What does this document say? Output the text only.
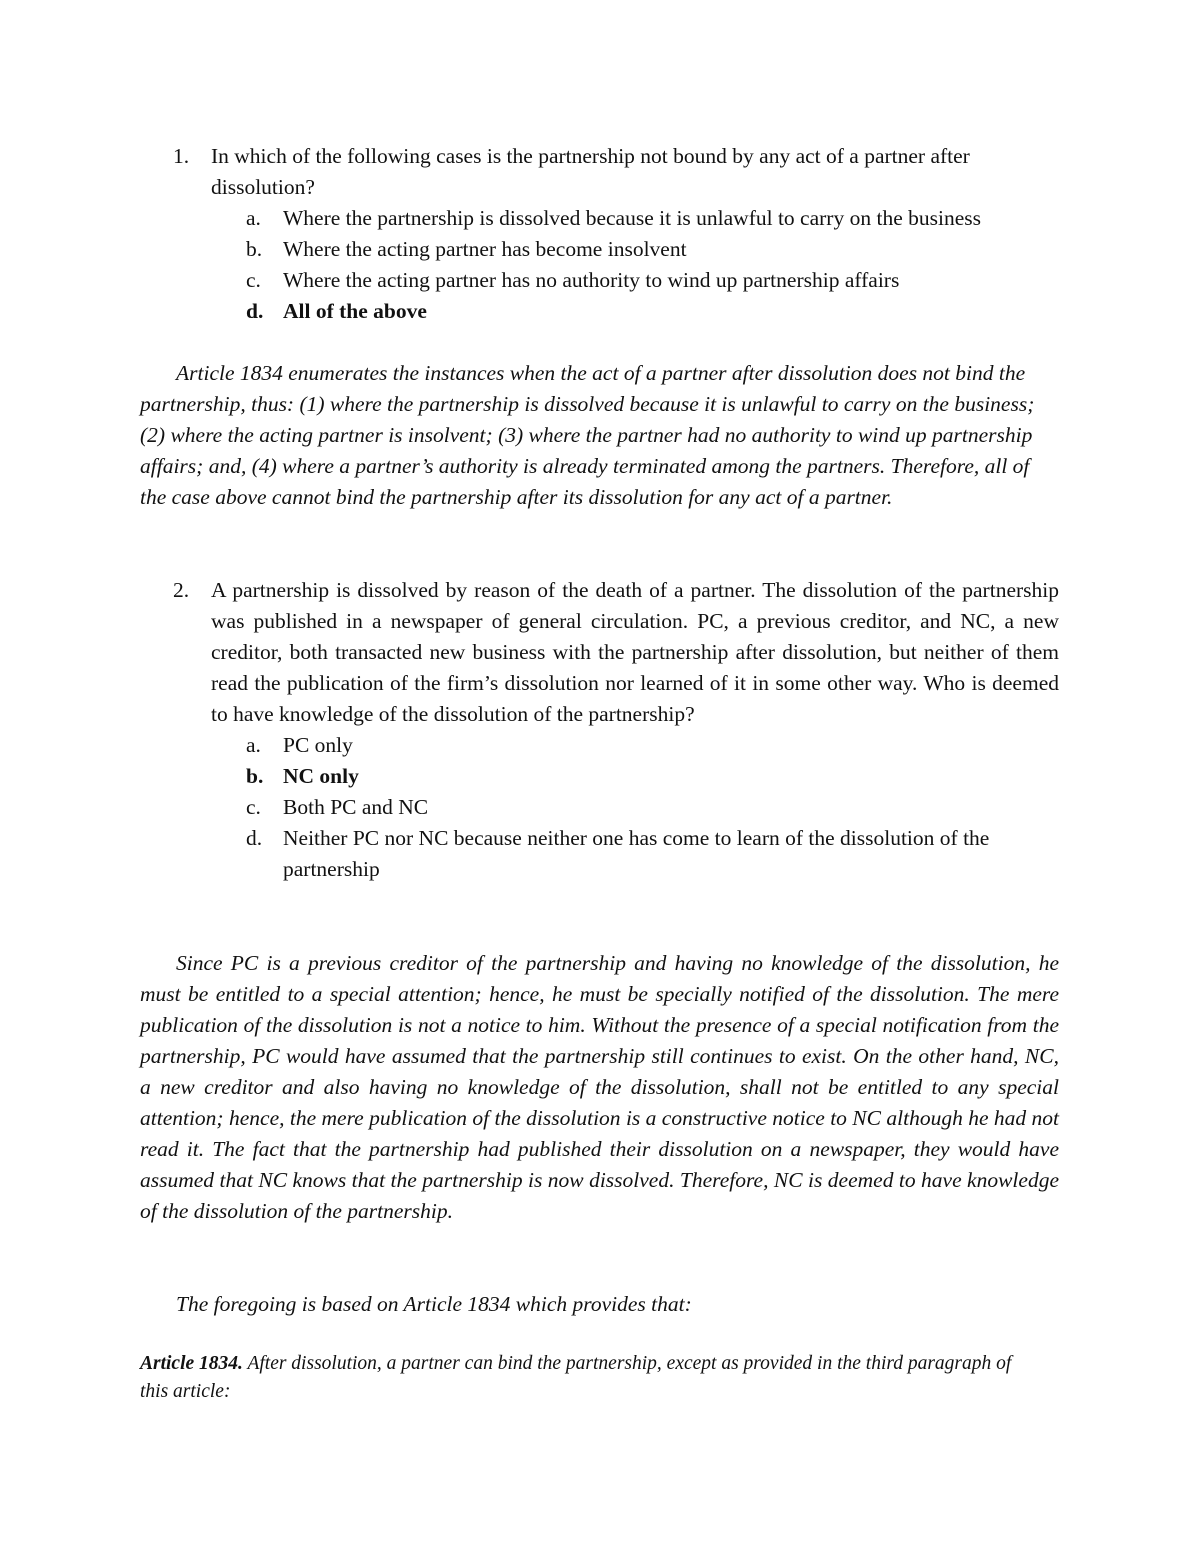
1.	In which of the following cases is the partnership not bound by any act of a partner after dissolution?
a.	Where the partnership is dissolved because it is unlawful to carry on the business
b. Where the acting partner has become insolvent
c.	Where the acting partner has no authority to wind up partnership affairs
d. All of the above

Article 1834 enumerates the instances when the act of a partner after dissolution does not bind the partnership, thus: (1) where the partnership is dissolved because it is unlawful to carry on the business; (2) where the acting partner is insolvent; (3) where the partner had no authority to wind up partnership affairs; and, (4) where a partner’s authority is already terminated among the partners. Therefore, all of the case above cannot bind the partnership after its dissolution for any act of a partner.

2.	A partnership is dissolved by reason of the death of a partner. The dissolution of the partnership was published in a newspaper of general circulation. PC, a previous creditor, and NC, a new creditor, both transacted new business with the partnership after dissolution, but neither of them read the publication of the firm’s dissolution nor learned of it in some other way. Who is deemed to have knowledge of the dissolution of the partnership?
a.	PC only
b. NC only
c.	Both PC and NC
d. Neither PC nor NC because neither one has come to learn of the dissolution of the partnership

Since PC is a previous creditor of the partnership and having no knowledge of the dissolution, he must be entitled to a special attention; hence, he must be specially notified of the dissolution. The mere publication of the dissolution is not a notice to him. Without the presence of a special notification from the partnership, PC would have assumed that the partnership still continues to exist. On the other hand, NC, a new creditor and also having no knowledge of the dissolution, shall not be entitled to any special attention; hence, the mere publication of the dissolution is a constructive notice to NC although he had not read it. The fact that the partnership had published their dissolution on a newspaper, they would have assumed that NC knows that the partnership is now dissolved. Therefore, NC is deemed to have knowledge of the dissolution of the partnership.

The foregoing is based on Article 1834 which provides that:

Article 1834. After dissolution, a partner can bind the partnership, except as provided in the third paragraph of this article:
